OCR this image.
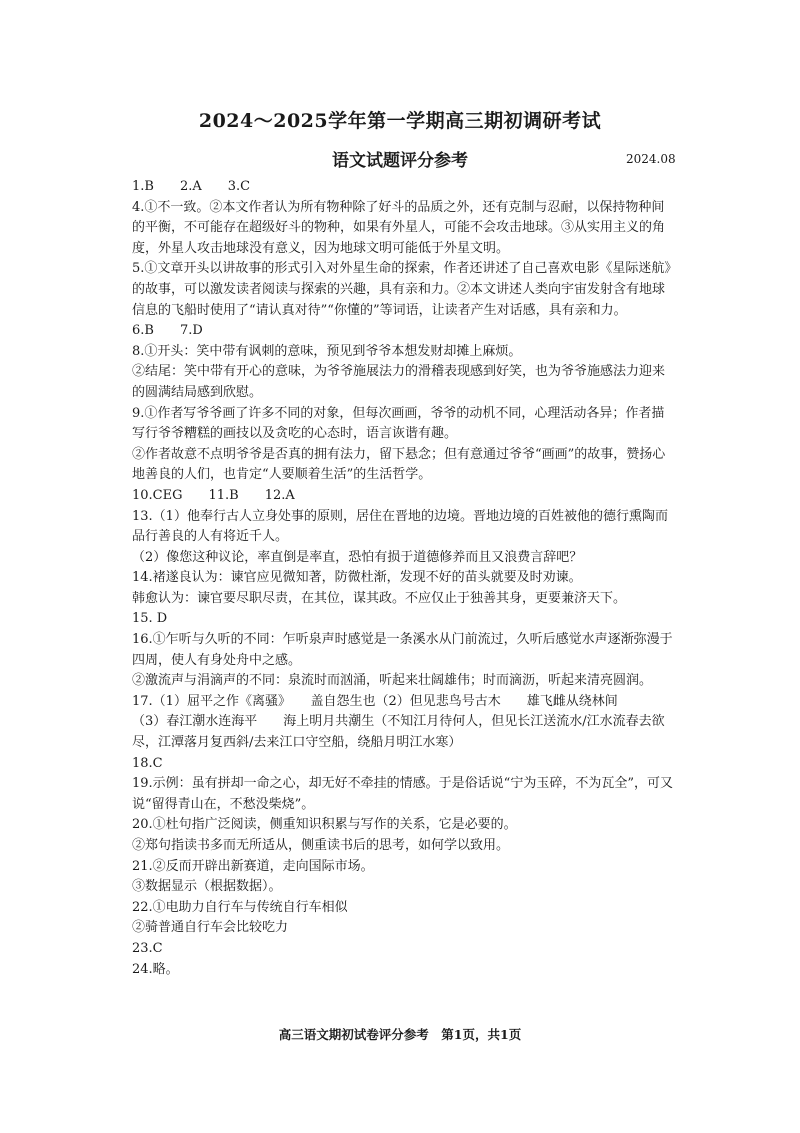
2024～2025学年第一学期高三期初调研考试
语文试题评分参考	2024.08

1.B　　2.A　　3.C

4.①不一致。②本文作者认为所有物种除了好斗的品质之外，还有克制与忍耐，以保持物种间的平衡，不可能存在超级好斗的物种，如果有外星人，可能不会攻击地球。③从实用主义的角度，外星人攻击地球没有意义，因为地球文明可能低于外星文明。

5.①文章开头以讲故事的形式引入对外星生命的探索，作者还讲述了自己喜欢电影《星际迷航》的故事，可以激发读者阅读与探索的兴趣，具有亲和力。②本文讲述人类向宇宙发射含有地球信息的飞船时使用了“请认真对待”“你懂的”等词语，让读者产生对话感，具有亲和力。

6.B　　7.D

8.①开头：笑中带有讽刺的意味，预见到爷爷本想发财却摊上麻烦。

②结尾：笑中带有开心的意味，为爷爷施展法力的滑稽表现感到好笑，也为爷爷施感法力迎来的圆满结局感到欣慰。

9.①作者写爷爷画了许多不同的对象，但每次画画，爷爷的动机不同，心理活动各异；作者描写行爷爷糟糕的画技以及贪吃的心态时，语言诙谐有趣。

②作者故意不点明爷爷是否真的拥有法力，留下悬念；但有意通过爷爷“画画”的故事，赞扬心地善良的人们，也肯定“人要顺着生活”的生活哲学。

10.CEG　　11.B　　12.A

13.（1）他奉行古人立身处事的原则，居住在晋地的边境。晋地边境的百姓被他的德行熏陶而品行善良的人有将近千人。

（2）像您这种议论，率直倒是率直，恐怕有损于道德修养而且又浪费言辞吧？

14.褚遂良认为：谏官应见微知著，防微杜渐，发现不好的苗头就要及时劝谏。

韩愈认为：谏官要尽职尽责，在其位，谋其政。不应仅止于独善其身，更要兼济天下。

15. D

16.①乍听与久听的不同：乍听泉声时感觉是一条溪水从门前流过，久听后感觉水声逐渐弥漫于四周，使人有身处舟中之感。

②激流声与涓滴声的不同：泉流时而汹涌，听起来壮阔雄伟；时而滴沥，听起来清亮圆润。

17.（1）屈平之作《离骚》　　盖自怨生也（2）但见悲鸟号古木　　雄飞雌从绕林间

（3）春江潮水连海平　　海上明月共潮生（不知江月待何人，但见长江送流水/江水流春去欲尽，江潭落月复西斜/去来江口守空船，绕船月明江水寒）

18.C

19.示例：虽有拼却一命之心，却无好不牵挂的情感。于是俗话说“宁为玉碎，不为瓦全”，可又说“留得青山在，不愁没柴烧”。

20.①杜句指广泛阅读，侧重知识积累与写作的关系，它是必要的。

②郑句指读书多而无所适从，侧重读书后的思考，如何学以致用。

21.②反而开辟出新赛道，走向国际市场。

③数据显示（根据数据）。

22.①电助力自行车与传统自行车相似

②骑普通自行车会比较吃力

23.C

24.略。

高三语文期初试卷评分参考　第1页，共1页
